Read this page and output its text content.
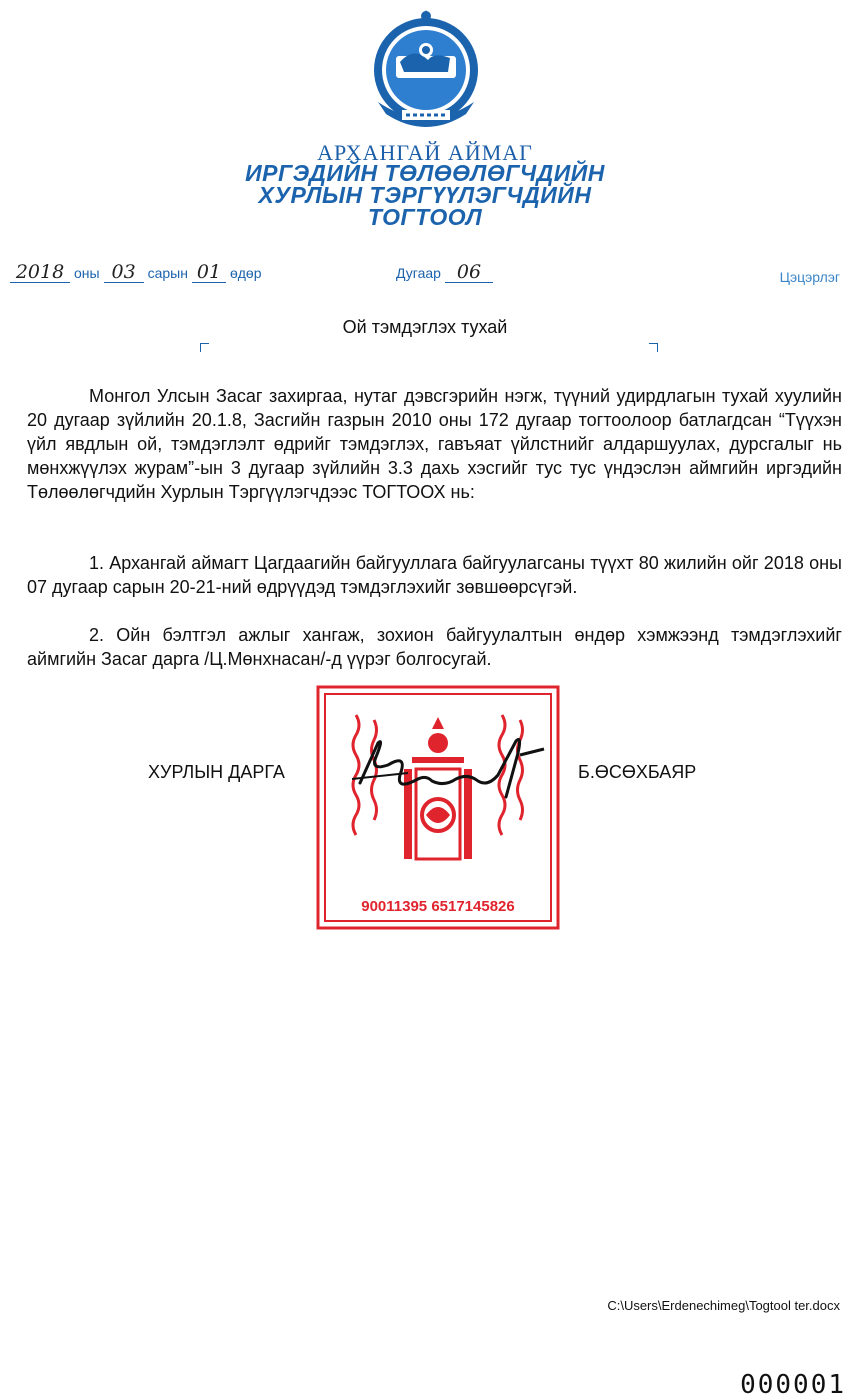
АРХАНГАЙ АЙМАГ
ИРГЭДИЙН ТӨЛӨӨЛӨГЧДИЙН
ХУРЛЫН ТЭРГҮҮЛЭГЧДИЙН
ТОГТООЛ
2018 оны 03 сарын 01 өдөр	Дугаар 06	Цэцэрлэг
Ой тэмдэглэх тухай
Монгол Улсын Засаг захиргаа, нутаг дэвсгэрийн нэгж, түүний удирдлагын тухай хуулийн 20 дугаар зүйлийн 20.1.8, Засгийн газрын 2010 оны 172 дугаар тогтоолоор батлагдсан “Түүхэн үйл явдлын ой, тэмдэглэлт өдрийг тэмдэглэх, гавъяат үйлстнийг алдаршуулах, дурсгалыг нь мөнхжүүлэх журам”-ын 3 дугаар зүйлийн 3.3 дахь хэсгийг тус тус үндэслэн аймгийн иргэдийн Төлөөлөгчдийн Хурлын Тэргүүлэгчдээс ТОГТООХ нь:
1. Архангай аймагт Цагдаагийн байгууллага байгуулагсаны түүхт 80 жилийн ойг 2018 оны 07 дугаар сарын 20-21-ний өдрүүдэд тэмдэглэхийг зөвшөөрсүгэй.
2. Ойн бэлтгэл ажлыг хангаж, зохион байгуулалтын өндөр хэмжээнд тэмдэглэхийг аймгийн Засаг дарга /Ц.Мөнхнасан/-д үүрэг болгосугай.
90011395 6517145826
ХУРЛЫН ДАРГА	Б.ӨСӨХБАЯР
C:\Users\Erdenechimeg\Togtool ter.docx
000001
